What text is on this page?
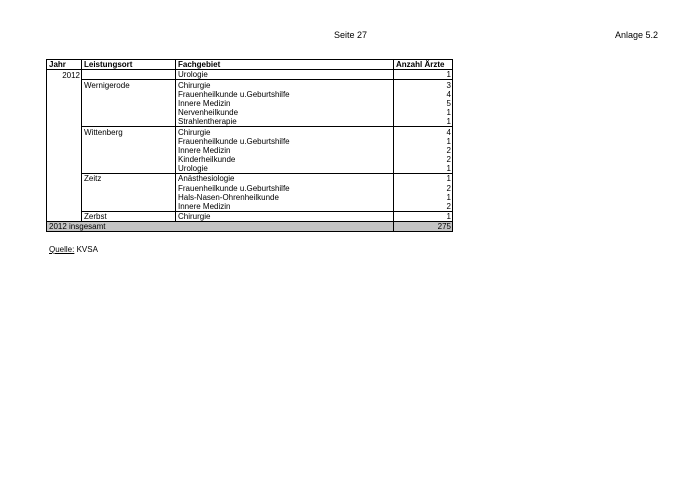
Seite 27	Anlage 5.2
Jahr	Leistungsort	Fachgebiet	Anzahl Ärzte
2012		Urologie	1
	Wernigerode	Chirurgie	3
		Frauenheilkunde u.Geburtshilfe	4
		Innere Medizin	5
		Nervenheilkunde	1
		Strahlentherapie	1
	Wittenberg	Chirurgie	4
		Frauenheilkunde u.Geburtshilfe	1
		Innere Medizin	2
		Kinderheilkunde	2
		Urologie	1
	Zeitz	Anästhesiologie	1
		Frauenheilkunde u.Geburtshilfe	2
		Hals-Nasen-Ohrenheilkunde	1
		Innere Medizin	2
	Zerbst	Chirurgie	1
2012 insgesamt			275
Quelle: KVSA
